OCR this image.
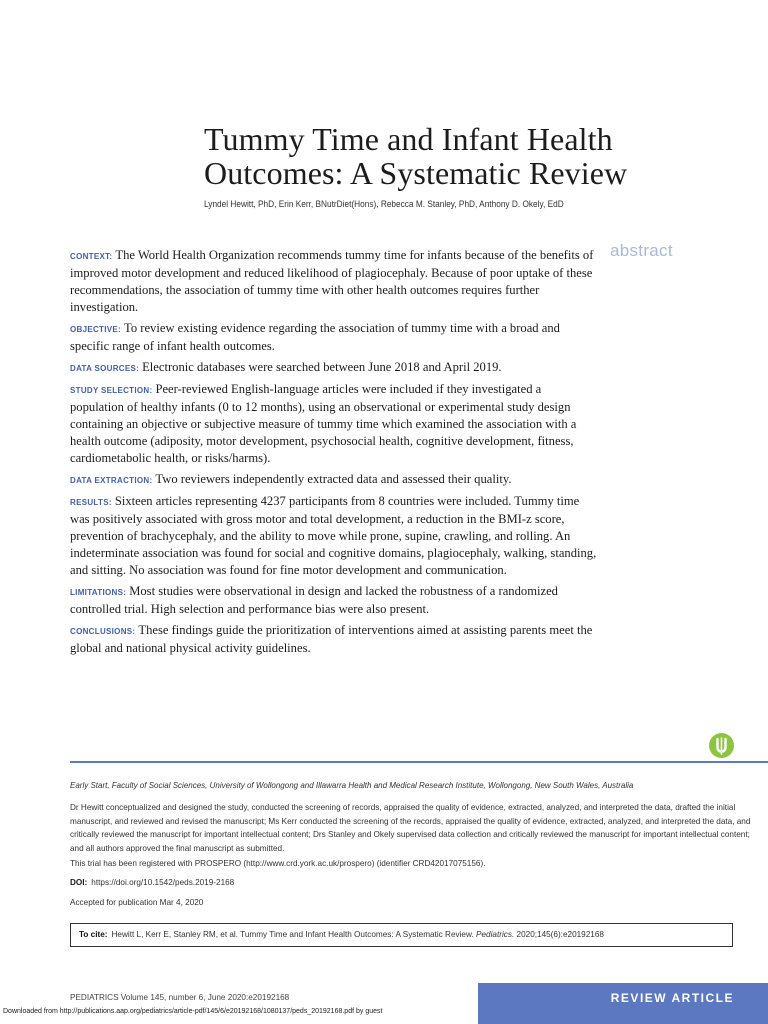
Tummy Time and Infant Health Outcomes: A Systematic Review
Lyndel Hewitt, PhD, Erin Kerr, BNutrDiet(Hons), Rebecca M. Stanley, PhD, Anthony D. Okely, EdD
abstract

CONTEXT: The World Health Organization recommends tummy time for infants because of the benefits of improved motor development and reduced likelihood of plagiocephaly. Because of poor uptake of these recommendations, the association of tummy time with other health outcomes requires further investigation.

OBJECTIVE: To review existing evidence regarding the association of tummy time with a broad and specific range of infant health outcomes.

DATA SOURCES: Electronic databases were searched between June 2018 and April 2019.

STUDY SELECTION: Peer-reviewed English-language articles were included if they investigated a population of healthy infants (0 to 12 months), using an observational or experimental study design containing an objective or subjective measure of tummy time which examined the association with a health outcome (adiposity, motor development, psychosocial health, cognitive development, fitness, cardiometabolic health, or risks/harms).

DATA EXTRACTION: Two reviewers independently extracted data and assessed their quality.

RESULTS: Sixteen articles representing 4237 participants from 8 countries were included. Tummy time was positively associated with gross motor and total development, a reduction in the BMI-z score, prevention of brachycephaly, and the ability to move while prone, supine, crawling, and rolling. An indeterminate association was found for social and cognitive domains, plagiocephaly, walking, standing, and sitting. No association was found for fine motor development and communication.

LIMITATIONS: Most studies were observational in design and lacked the robustness of a randomized controlled trial. High selection and performance bias were also present.

CONCLUSIONS: These findings guide the prioritization of interventions aimed at assisting parents meet the global and national physical activity guidelines.

Early Start, Faculty of Social Sciences, University of Wollongong and Illawarra Health and Medical Research Institute, Wollongong, New South Wales, Australia
Dr Hewitt conceptualized and designed the study, conducted the screening of records, appraised the quality of evidence, extracted, analyzed, and interpreted the data, drafted the initial manuscript, and reviewed and revised the manuscript; Ms Kerr conducted the screening of the records, appraised the quality of evidence, extracted, analyzed, and interpreted the data, and critically reviewed the manuscript for important intellectual content; Drs Stanley and Okely supervised data collection and critically reviewed the manuscript for important intellectual content; and all authors approved the final manuscript as submitted.
This trial has been registered with PROSPERO (http://www.crd.york.ac.uk/prospero) (identifier CRD42017075156).
DOI: https://doi.org/10.1542/peds.2019-2168
Accepted for publication Mar 4, 2020
To cite: Hewitt L, Kerr E, Stanley RM, et al. Tummy Time and Infant Health Outcomes: A Systematic Review. Pediatrics. 2020;145(6):e20192168
PEDIATRICS Volume 145, number 6, June 2020:e20192168	REVIEW ARTICLE
Downloaded from http://publications.aap.org/pediatrics/article-pdf/145/6/e20192168/1080137/peds_20192168.pdf by guest
